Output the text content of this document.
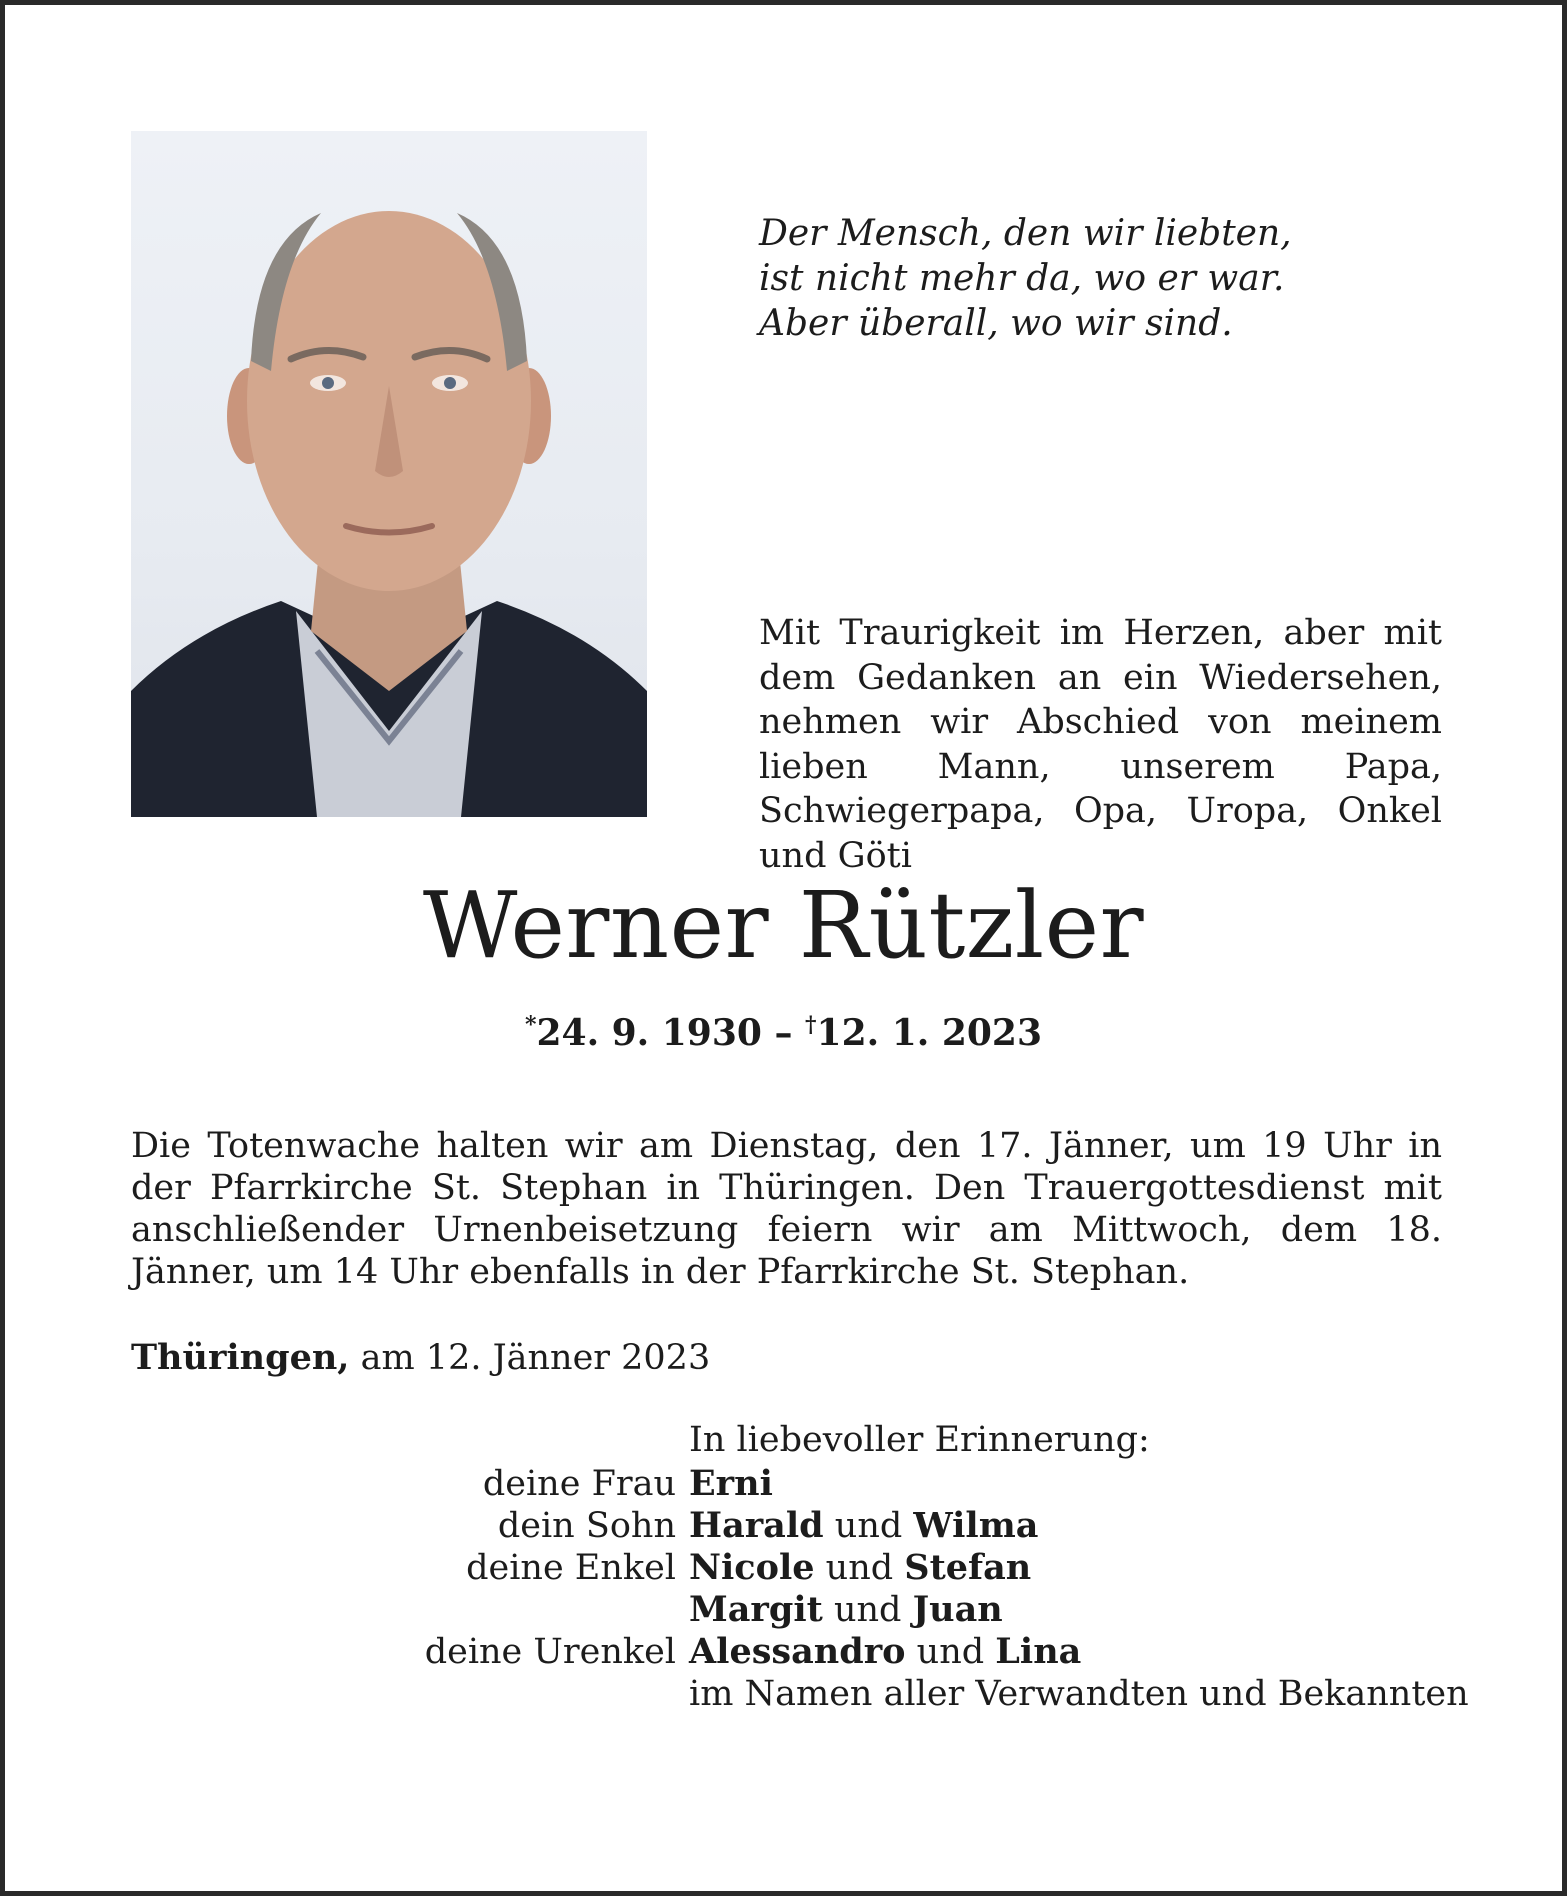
Der Mensch, den wir liebten,
ist nicht mehr da, wo er war.
Aber überall, wo wir sind.

Mit Traurigkeit im Herzen, aber mit dem Gedanken an ein Wiedersehen, nehmen wir Abschied von meinem lieben Mann, unserem Papa, Schwiegerpapa, Opa, Uropa, Onkel und Göti

Werner Rützler
*24. 9. 1930 – †12. 1. 2023

Die Totenwache halten wir am Dienstag, den 17. Jänner, um 19 Uhr in der Pfarrkirche St. Stephan in Thüringen. Den Trauergottesdienst mit anschließender Urnenbeisetzung feiern wir am Mittwoch, dem 18. Jänner, um 14 Uhr ebenfalls in der Pfarrkirche St. Stephan.

Thüringen, am 12. Jänner 2023
In liebevoller Erinnerung:
deine Frau Erni
dein Sohn Harald und Wilma
deine Enkel Nicole und Stefan
Margit und Juan
deine Urenkel Alessandro und Lina
im Namen aller Verwandten und Bekannten
